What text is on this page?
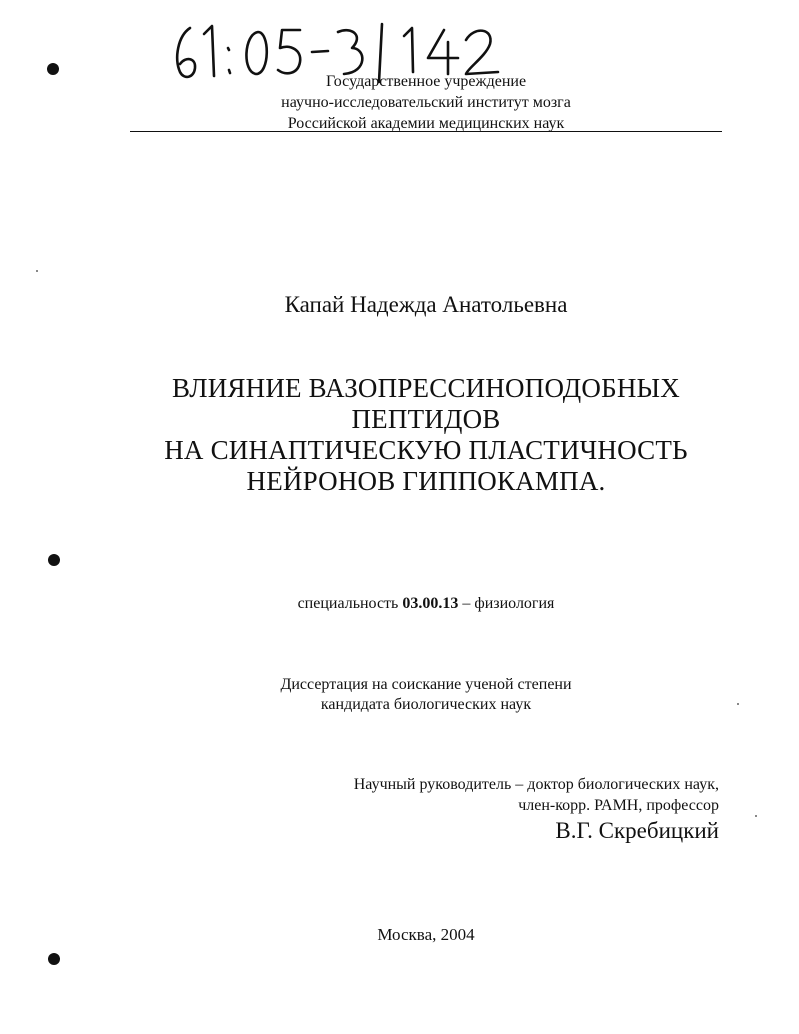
Государственное учреждение
научно-исследовательский институт мозга
Российской академии медицинских наук
Капай Надежда Анатольевна
ВЛИЯНИЕ ВАЗОПРЕССИНОПОДОБНЫХ
ПЕПТИДОВ
НА СИНАПТИЧЕСКУЮ ПЛАСТИЧНОСТЬ
НЕЙРОНОВ ГИППОКАМПА.
специальность 03.00.13 – физиология
Диссертация на соискание ученой степени
кандидата биологических наук
Научный руководитель – доктор биологических наук,
член-корр. РАМН, профессор
В.Г. Скребицкий
Москва, 2004
